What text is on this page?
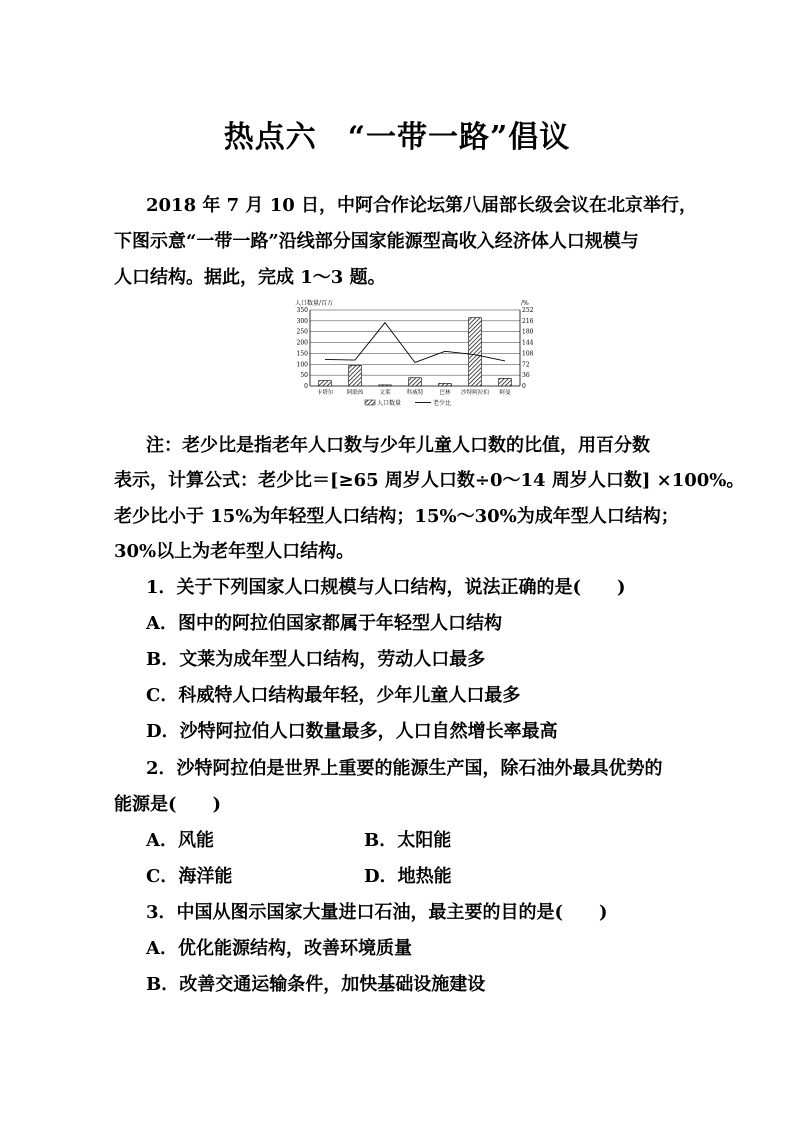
热点六　“一带一路”倡议
2018 年 7 月 10 日，中阿合作论坛第八届部长级会议在北京举行，
下图示意“一带一路”沿线部分国家能源型高收入经济体人口规模与
人口结构。据此，完成 1～3 题。
人口数量/百万	/%
0	0
50	36
100	72
150	108
200	144
250	180
300	216
350	252
卡塔尔 阿联酋	文莱	科威特	巴林 沙特阿拉伯 阿曼
人口数量	老少比
注：老少比是指老年人口数与少年儿童人口数的比值，用百分数
表示，计算公式：老少比＝[≥65 周岁人口数÷0～14 周岁人口数] ×100%。
老少比小于 15%为年轻型人口结构；15%～30%为成年型人口结构；
30%以上为老年型人口结构。
1．关于下列国家人口规模与人口结构，说法正确的是(　　)
A．图中的阿拉伯国家都属于年轻型人口结构
B．文莱为成年型人口结构，劳动人口最多
C．科威特人口结构最年轻，少年儿童人口最多
D．沙特阿拉伯人口数量最多，人口自然增长率最高
2．沙特阿拉伯是世界上重要的能源生产国，除石油外最具优势的
能源是(　　)
A．风能	B．太阳能
C．海洋能	D．地热能
3．中国从图示国家大量进口石油，最主要的目的是(　　)
A．优化能源结构，改善环境质量
B．改善交通运输条件，加快基础设施建设
